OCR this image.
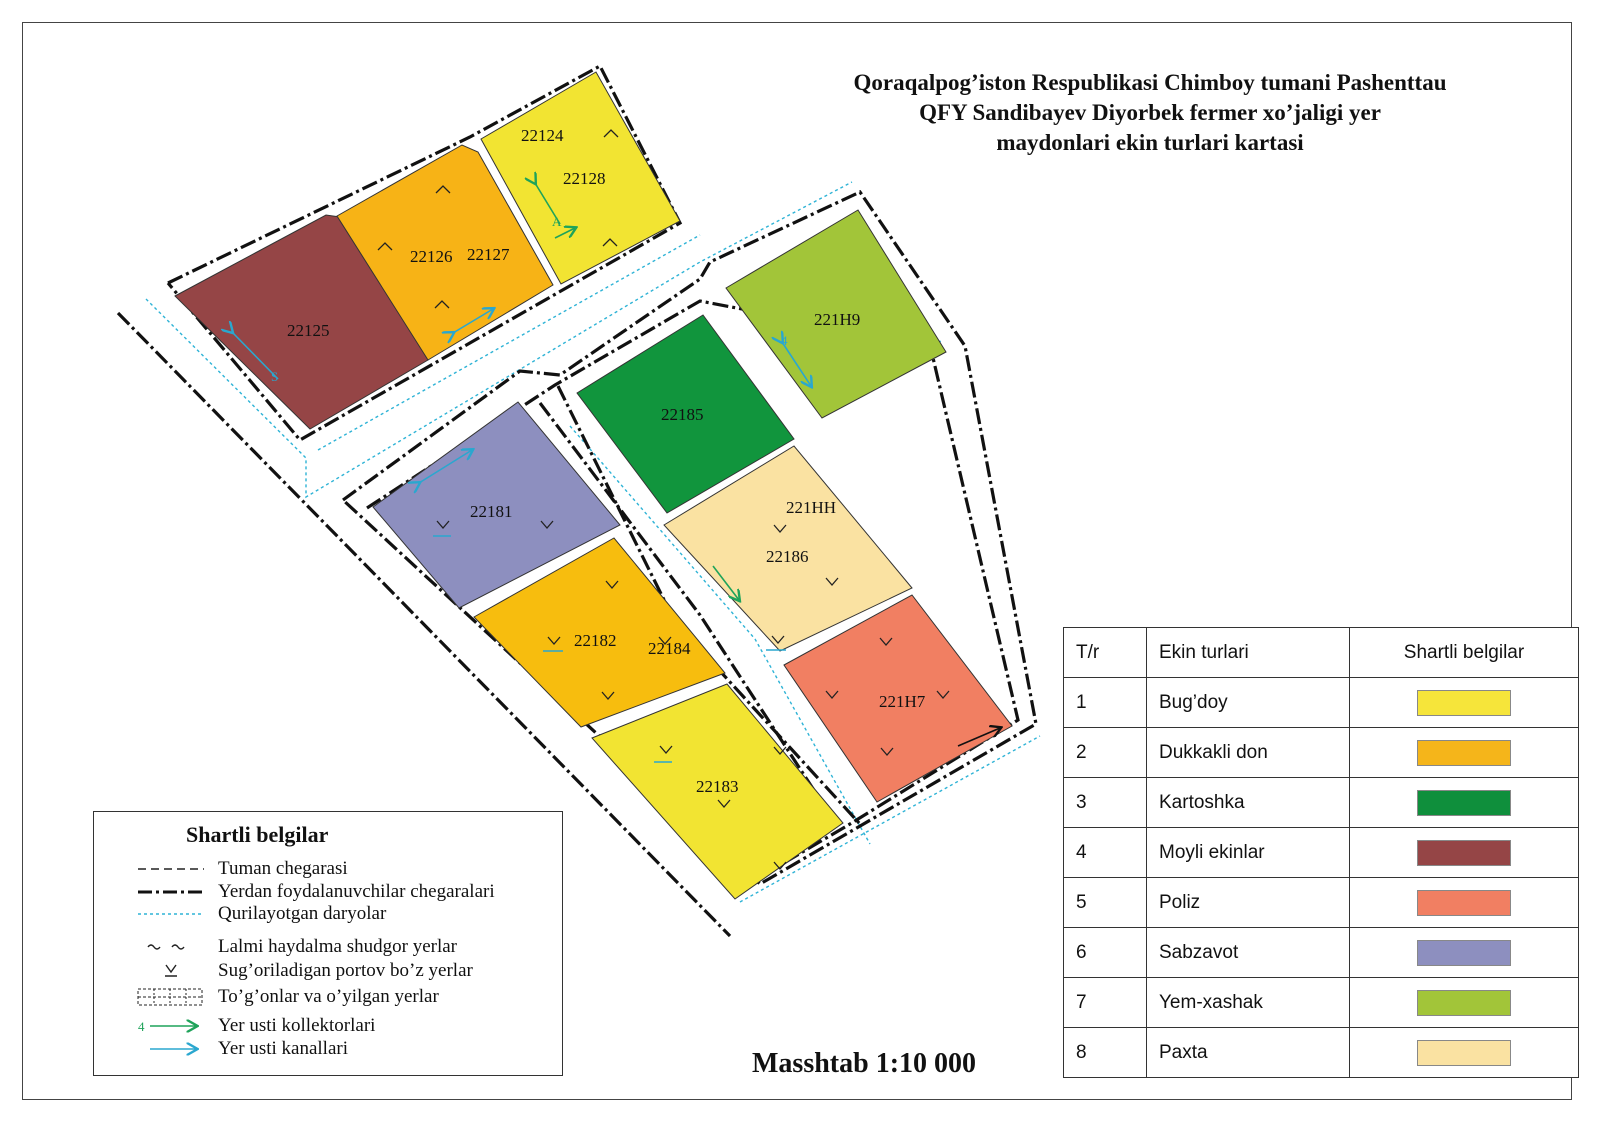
22125
22126 22127
22124
22128
221H9
22185
221HH
22186
22181
22182 22184
22183
221H7
A
S
4
Qoraqalpog’iston Respublikasi Chimboy tumani Pashenttau
QFY Sandibayev Diyorbek fermer xo’jaligi yer
maydonlari ekin turlari kartasi
Shartli belgilar
Tuman chegarasi
Yerdan foydalanuvchilar chegaralari
Qurilayotgan daryolar
Lalmi haydalma shudgor yerlar
Sug’oriladigan portov bo’z yerlar
To’g’onlar va o’yilgan yerlar
4	Yer usti kollektorlari
Yer usti kanallari	Masshtab 1:10 000
T/r	Ekin turlari	Shartli belgilar
1	Bug’doy	
2	Dukkakli don	
3	Kartoshka	
4	Moyli ekinlar	
5	Poliz	
6	Sabzavot	
7	Yem-xashak	
8	Paxta	
